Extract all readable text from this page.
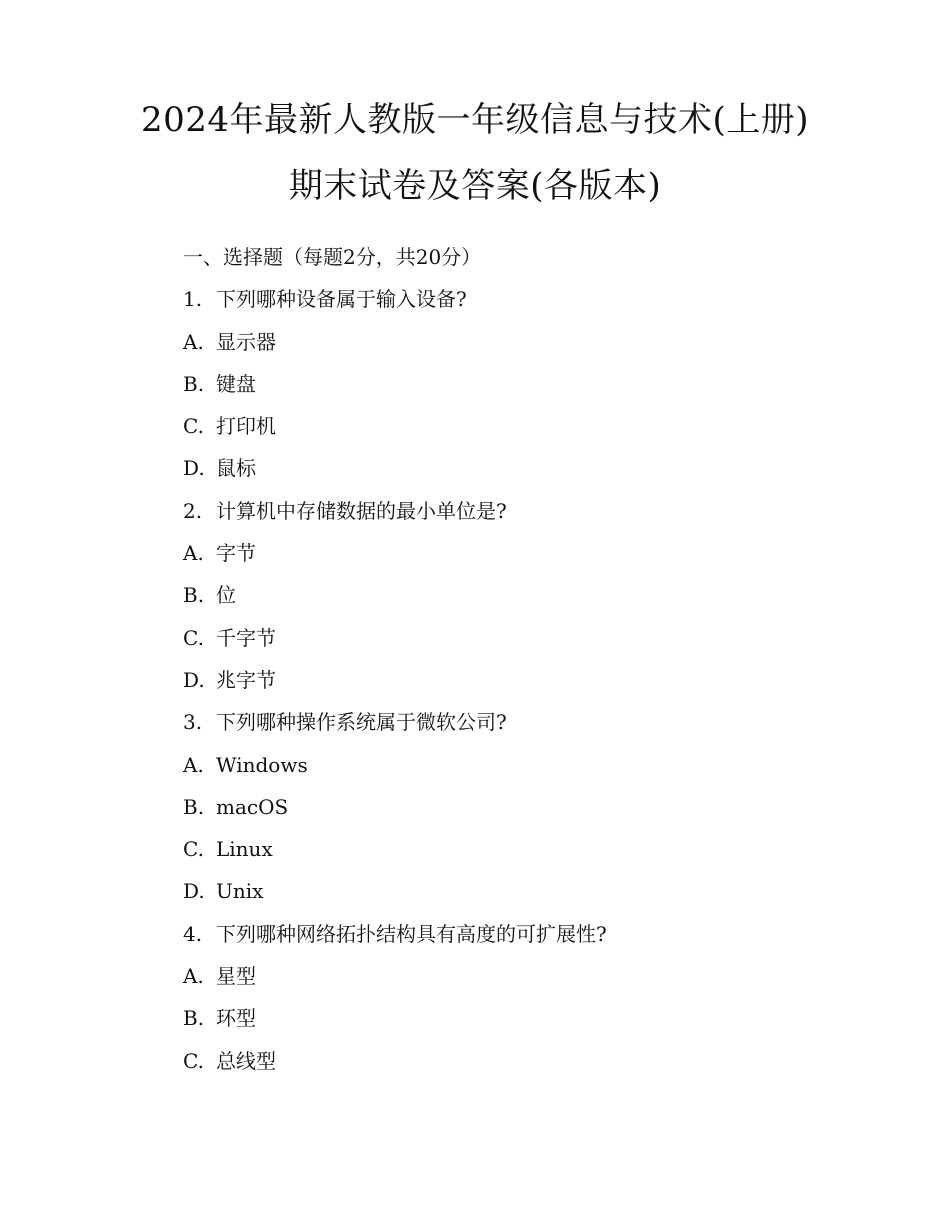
2024年最新人教版一年级信息与技术(上册)
期末试卷及答案(各版本)
一、选择题（每题2分，共20分）
1. 下列哪种设备属于输入设备?
A. 显示器
B. 键盘
C. 打印机
D. 鼠标
2. 计算机中存储数据的最小单位是?
A. 字节
B. 位
C. 千字节
D. 兆字节
3. 下列哪种操作系统属于微软公司?
A. Windows
B. macOS
C. Linux
D. Unix
4. 下列哪种网络拓扑结构具有高度的可扩展性?
A. 星型
B. 环型
C. 总线型
